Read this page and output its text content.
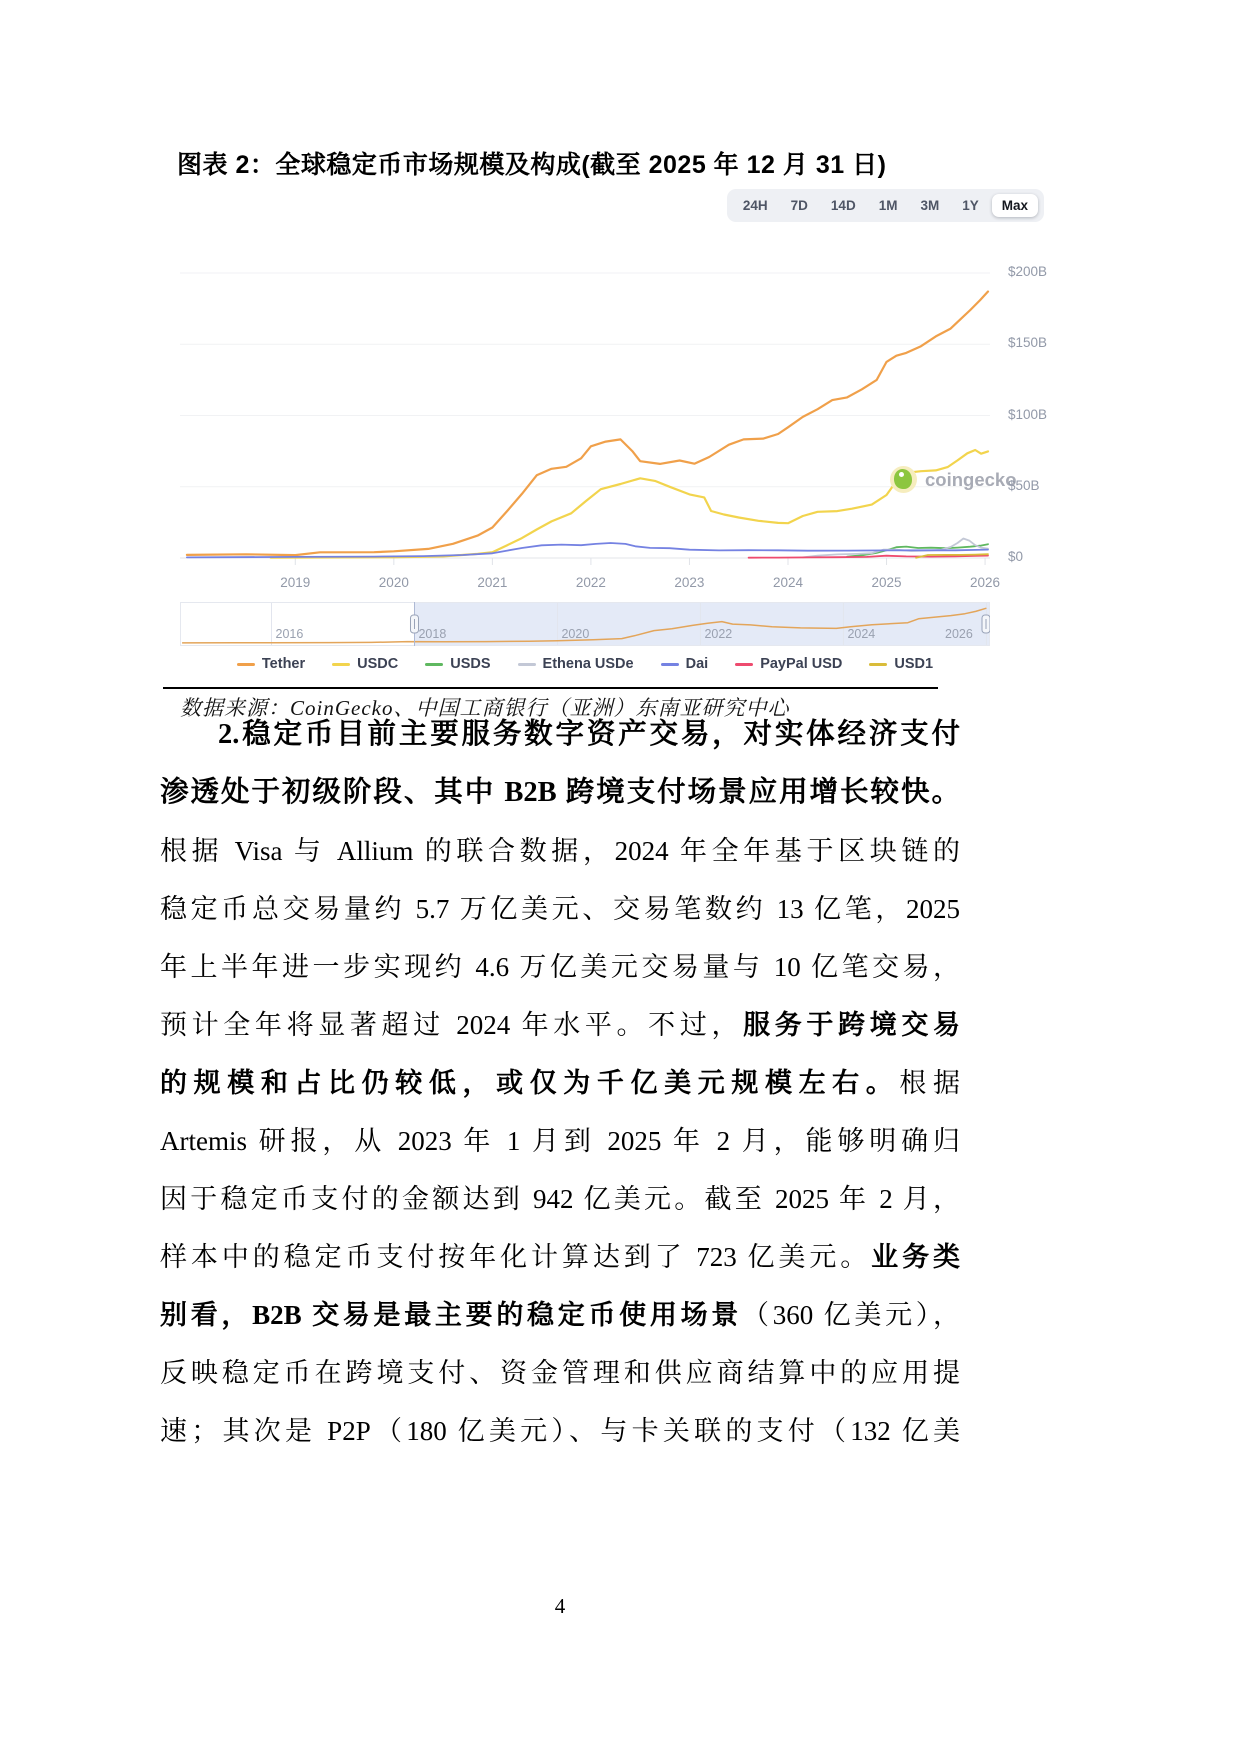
图表 2：全球稳定币市场规模及构成(截至 2025 年 12 月 31 日)
24H	7D	14D	1M	3M	1Y	Max
coingecko
Tether	USDC	USDS	Ethena USDe	Dai	PayPal USD	USD1
$200B
$150B
$100B
$50B
$0
2019	2020	2021	2022	2023	2024	2025	2026
2016	2018	2020	2022	2024	2026
数据来源：CoinGecko、中国工商银行（亚洲）东南亚研究中心
2.稳定币目前主要服务数字资产交易，对实体经济支付
渗透处于初级阶段、其中 B2B 跨境支付场景应用增长较快。
根据 Visa 与 Allium 的联合数据，2024 年全年基于区块链的
稳定币总交易量约 5.7 万亿美元、交易笔数约 13 亿笔，2025
年上半年进一步实现约 4.6 万亿美元交易量与 10 亿笔交易，
预计全年将显著超过 2024 年水平。不过，服务于跨境交易
的规模和占比仍较低，或仅为千亿美元规模左右。根据
Artemis 研报，从 2023 年 1 月到 2025 年 2 月，能够明确归
因于稳定币支付的金额达到 942 亿美元。截至 2025 年 2 月，
样本中的稳定币支付按年化计算达到了 723 亿美元。业务类
别看，B2B 交易是最主要的稳定币使用场景（360 亿美元），
反映稳定币在跨境支付、资金管理和供应商结算中的应用提
速；其次是 P2P（180 亿美元）、与卡关联的支付（132 亿美
4
